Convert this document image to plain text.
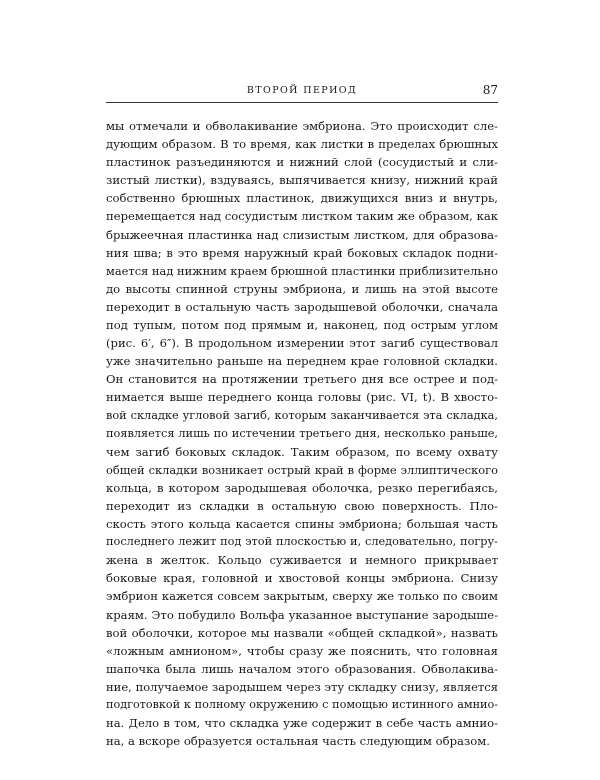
ВТОРОЙ ПЕРИОД	87
мы отмечали и обволакивание эмбриона. Это происходит сле-
дующим образом. В то время, как листки в пределах брюшных
пластинок разъединяются и нижний слой (сосудистый и сли-
зистый листки), вздуваясь, выпячивается книзу, нижний край
собственно брюшных пластинок, движущихся вниз и внутрь,
перемещается над сосудистым листком таким же образом, как
брыжеечная пластинка над слизистым листком, для образова-
ния шва; в это время наружный край боковых складок подни-
мается над нижним краем брюшной пластинки приблизительно
до высоты спинной струны эмбриона, и лишь на этой высоте
переходит в остальную часть зародышевой оболочки, сначала
под тупым, потом под прямым и, наконец, под острым углом
(рис. 6′, 6″). В продольном измерении этот загиб существовал
уже значительно раньше на переднем крае головной складки.
Он становится на протяжении третьего дня все острее и под-
нимается выше переднего конца головы (рис. VI, t). В хвосто-
вой складке угловой загиб, которым заканчивается эта складка,
появляется лишь по истечении третьего дня, несколько раньше,
чем загиб боковых складок. Таким образом, по всему охвату
общей складки возникает острый край в форме эллиптического
кольца, в котором зародышевая оболочка, резко перегибаясь,
переходит из складки в остальную свою поверхность. Пло-
скость этого кольца касается спины эмбриона; большая часть
последнего лежит под этой плоскостью и, следовательно, погру-
жена в желток. Кольцо суживается и немного прикрывает
боковые края, головной и хвостовой концы эмбриона. Снизу
эмбрион кажется совсем закрытым, сверху же только по своим
краям. Это побудило Вольфа указанное выступание зародыше-
вой оболочки, которое мы назвали «общей складкой», назвать
«ложным амнионом», чтобы сразу же пояснить, что головная
шапочка была лишь началом этого образования. Обволакива-
ние, получаемое зародышем через эту складку снизу, является
подготовкой к полному окружению с помощью истинного амнио-
на. Дело в том, что складка уже содержит в себе часть амнио-
на, а вскоре образуется остальная часть следующим образом.
